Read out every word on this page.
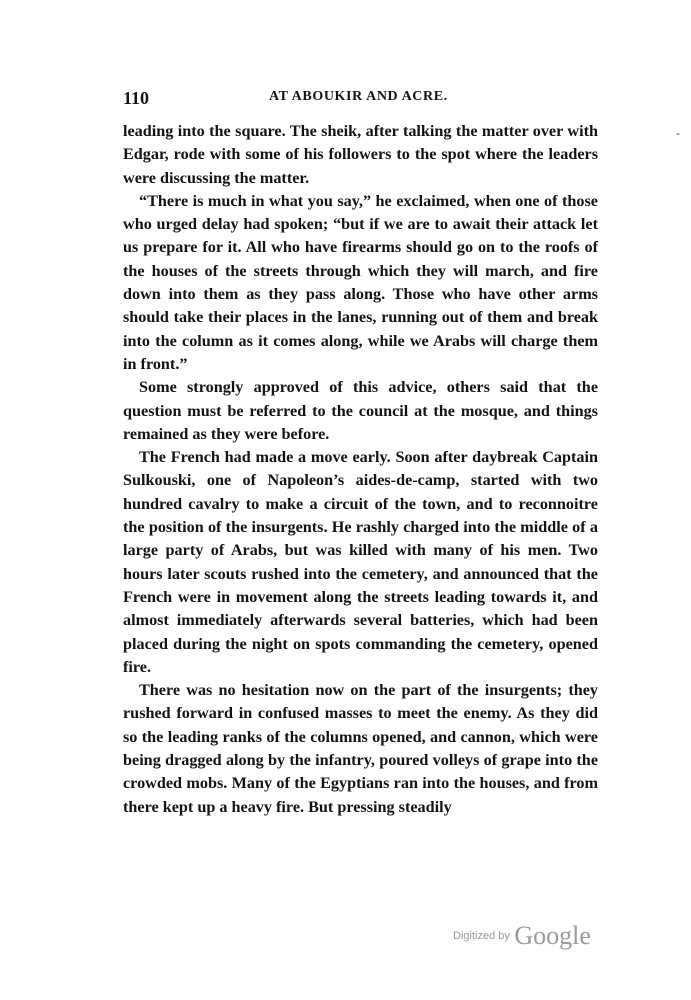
110	AT ABOUKIR AND ACRE.
-

leading into the square. The sheik, after talking the matter over with Edgar, rode with some of his followers to the spot where the leaders were discussing the matter.

“There is much in what you say,” he exclaimed, when one of those who urged delay had spoken; “but if we are to await their attack let us prepare for it. All who have firearms should go on to the roofs of the houses of the streets through which they will march, and fire down into them as they pass along. Those who have other arms should take their places in the lanes, running out of them and break into the column as it comes along, while we Arabs will charge them in front.”

Some strongly approved of this advice, others said that the question must be referred to the council at the mosque, and things remained as they were before.

The French had made a move early. Soon after daybreak Captain Sulkouski, one of Napoleon’s aides-de-camp, started with two hundred cavalry to make a circuit of the town, and to reconnoitre the position of the insurgents. He rashly charged into the middle of a large party of Arabs, but was killed with many of his men. Two hours later scouts rushed into the cemetery, and announced that the French were in movement along the streets leading towards it, and almost immediately afterwards several batteries, which had been placed during the night on spots commanding the cemetery, opened fire.

There was no hesitation now on the part of the insurgents; they rushed forward in confused masses to meet the enemy. As they did so the leading ranks of the columns opened, and cannon, which were being dragged along by the infantry, poured volleys of grape into the crowded mobs. Many of the Egyptians ran into the houses, and from there kept up a heavy fire. But pressing steadily

Digitized by Google
